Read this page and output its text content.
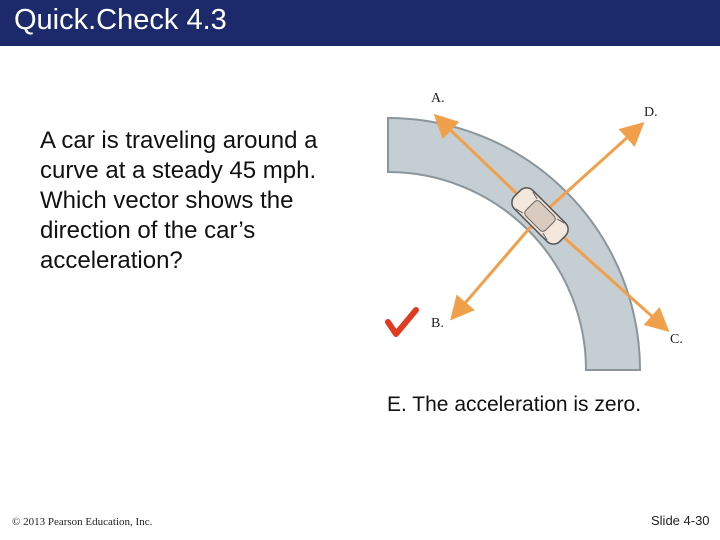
Quick.Check 4.3
A car is traveling around a curve at a steady 45 mph. Which vector shows the direction of the car’s acceleration?
A.
D.
B.
C.
E. The acceleration is zero.
© 2013 Pearson Education, Inc.	Slide 4-30
